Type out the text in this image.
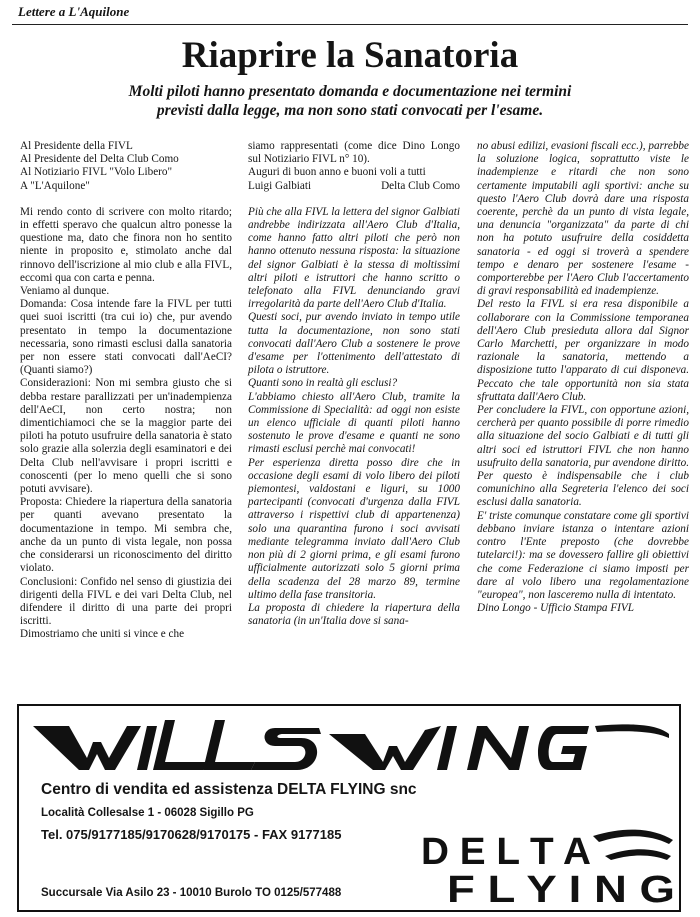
Lettere a L'Aquilone
Riaprire la Sanatoria
Molti piloti hanno presentato domanda e documentazione nei termini
previsti dalla legge, ma non sono stati convocati per l'esame.
Al Presidente della FIVL
Al Presidente del Delta Club Como
Al Notiziario FIVL "Volo Libero"
A "L'Aquilone"

Mi rendo conto di scrivere con molto ritardo; in effetti speravo che qualcun altro ponesse la questione ma, dato che finora non ho sentito niente in proposito e, stimolato anche dal rinnovo dell'iscrizione al mio club e alla FIVL, eccomi qua con carta e penna.

Veniamo al dunque.

Domanda: Cosa intende fare la FIVL per tutti quei suoi iscritti (tra cui io) che, pur avendo presentato in tempo la documentazione necessaria, sono rimasti esclusi dalla sanatoria per non essere stati convocati dall'AeCI? (Quanti siamo?)

Considerazioni: Non mi sembra giusto che si debba restare parallizzati per un'inadempienza dell'AeCI, non certo nostra; non dimentichiamoci che se la maggior parte dei piloti ha potuto usufruire della sanatoria è stato solo grazie alla solerzia degli esaminatori e dei Delta Club nell'avvisare i propri iscritti e conoscenti (per lo meno quelli che si sono potuti avvisare).

Proposta: Chiedere la riapertura della sanatoria per quanti avevano presentato la documentazione in tempo. Mi sembra che, anche da un punto di vista legale, non possa che considerarsi un riconoscimento del diritto violato.

Conclusioni: Confido nel senso di giustizia dei dirigenti della FIVL e dei vari Delta Club, nel difendere il diritto di una parte dei propri iscritti.

Dimostriamo che uniti si vince e che

siamo rappresentati (come dice Dino Longo sul Notiziario FIVL n° 10).

Auguri di buon anno e buoni voli a tutti

Luigi Galbiati	Delta Club Como

Più che alla FIVL la lettera del signor Galbiati andrebbe indirizzata all'Aero Club d'Italia, come hanno fatto altri piloti che però non hanno ottenuto nessuna risposta: la situazione del signor Galbiati è la stessa di moltissimi altri piloti e istruttori che hanno scritto o telefonato alla FIVL denunciando gravi irregolarità da parte dell'Aero Club d'Italia.

Questi soci, pur avendo inviato in tempo utile tutta la documentazione, non sono stati convocati dall'Aero Club a sostenere le prove d'esame per l'ottenimento dell'attestato di pilota o istruttore.

Quanti sono in realtà gli esclusi?

L'abbiamo chiesto all'Aero Club, tramite la Commissione di Specialità: ad oggi non esiste un elenco ufficiale di quanti piloti hanno sostenuto le prove d'esame e quanti ne sono rimasti esclusi perchè mai convocati!

Per esperienza diretta posso dire che in occasione degli esami di volo libero dei piloti piemontesi, valdostani e liguri, su 1000 partecipanti (convocati d'urgenza dalla FIVL attraverso i rispettivi club di appartenenza) solo una quarantina furono i soci avvisati mediante telegramma inviato dall'Aero Club non più di 2 giorni prima, e gli esami furono ufficialmente autorizzati solo 5 giorni prima della scadenza del 28 marzo 89, termine ultimo della fase transitoria.

La proposta di chiedere la riapertura della sanatoria (in un'Italia dove si sana-

no abusi edilizi, evasioni fiscali ecc.), parrebbe la soluzione logica, soprattutto viste le inadempienze e ritardi che non sono certamente imputabili agli sportivi: anche su questo l'Aero Club dovrà dare una risposta coerente, perchè da un punto di vista legale, una denuncia "organizzata" da parte di chi non ha potuto usufruire della cosiddetta sanatoria - ed oggi si troverà a spendere tempo e denaro per sostenere l'esame - comporterebbe per l'Aero Club l'accertamento di gravi responsabilità ed inadempienze.

Del resto la FIVL si era resa disponibile a collaborare con la Commissione temporanea dell'Aero Club presieduta allora dal Signor Carlo Marchetti, per organizzare in modo razionale la sanatoria, mettendo a disposizione tutto l'apparato di cui disponeva. Peccato che tale opportunità non sia stata sfruttata dall'Aero Club.

Per concludere la FIVL, con opportune azioni, cercherà per quanto possibile di porre rimedio alla situazione del socio Galbiati e di tutti gli altri soci ed istruttori FIVL che non hanno usufruito della sanatoria, pur avendone diritto. Per questo è indispensabile che i club comunichino alla Segreteria l'elenco dei soci esclusi dalla sanatoria.

E' triste comunque constatare come gli sportivi debbano inviare istanza o intentare azioni contro l'Ente preposto (che dovrebbe tutelarci!): ma se dovessero fallire gli obiettivi che come Federazione ci siamo imposti per dare al volo libero una regolamentazione "europea", non lasceremo nulla di intentato.

Dino Longo - Ufficio Stampa FIVL

Centro di vendita ed assistenza DELTA FLYING snc
Località Collesalse 1 - 06028 Sigillo PG
Tel. 075/9177185/9170628/9170175 - FAX 9177185
Succursale Via Asilo 23 - 10010 Burolo TO 0125/577488
D E L T A
F L Y I N G
